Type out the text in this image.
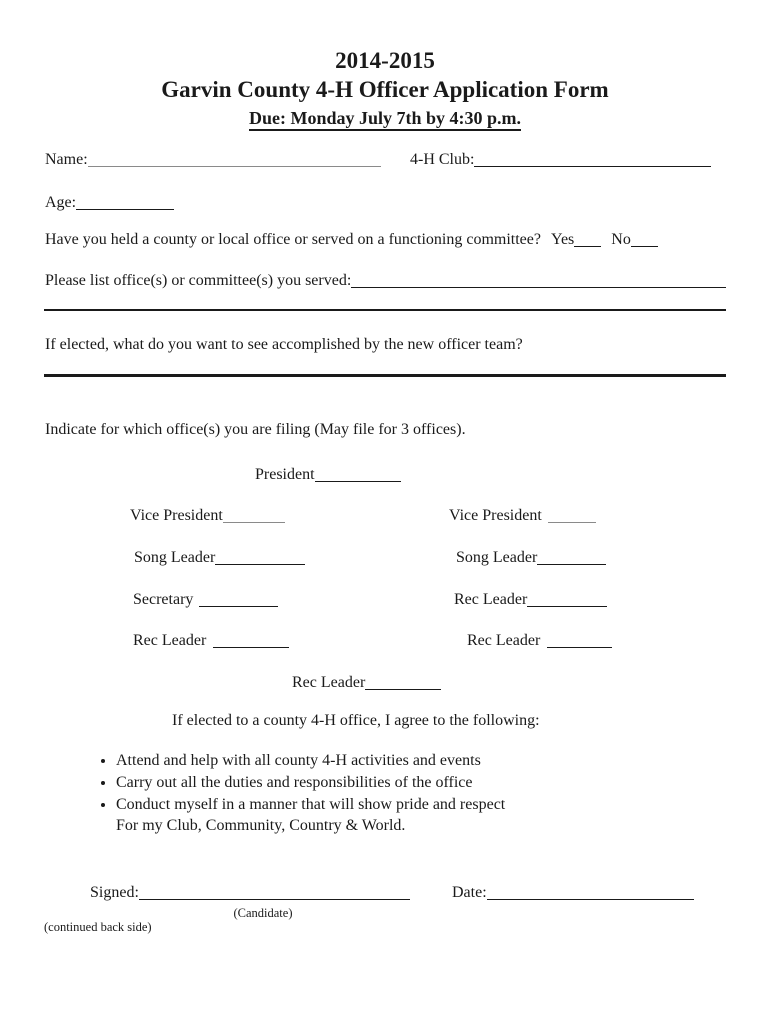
2014-2015
Garvin County 4-H Officer Application Form
Due: Monday July 7th by 4:30 p.m.
Name:	4-H Club:
Age:
Have you held a county or local office or served on a functioning committee? Yes No
Please list office(s) or committee(s) you served:
If elected, what do you want to see accomplished by the new officer team?
Indicate for which office(s) you are filing (May file for 3 offices).
President
Vice President	Vice President
Song Leader	Song Leader
Secretary	Rec Leader
Rec Leader	Rec Leader
Rec Leader
If elected to a county 4-H office, I agree to the following:
• Attend and help with all county 4-H activities and events
• Carry out all the duties and responsibilities of the office
• Conduct myself in a manner that will show pride and respect
For my Club, Community, Country & World.
Signed:	Date:
(Candidate)
(continued back side)
